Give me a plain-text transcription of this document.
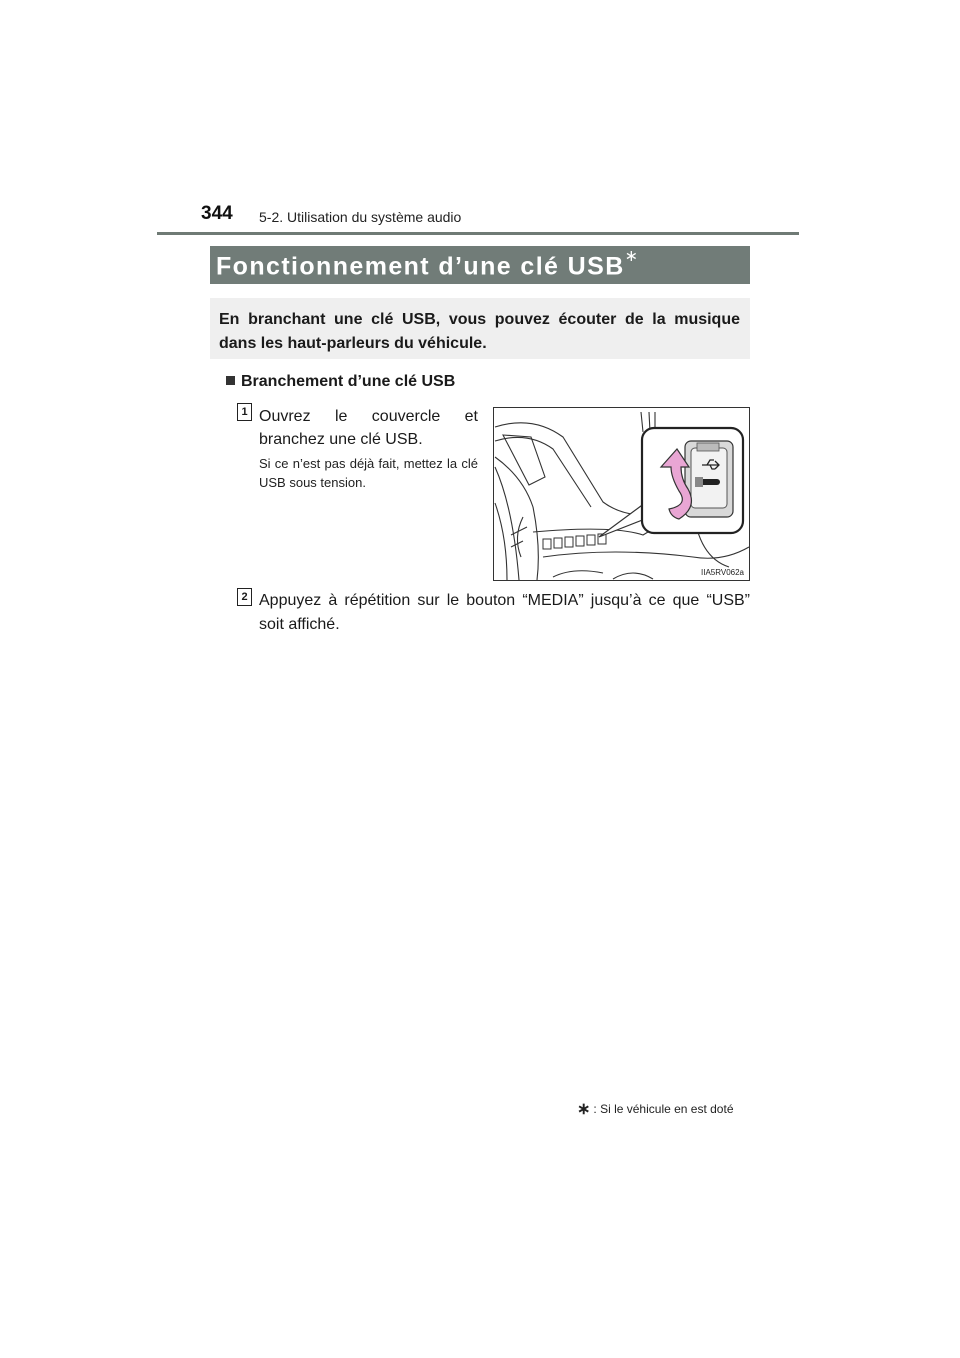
344 5-2. Utilisation du système audio
Fonctionnement d’une clé USB∗
En branchant une clé USB, vous pouvez écouter de la musique
dans les haut-parleurs du véhicule.
Branchement d’une clé USB
1 Ouvrez le couvercle et branchez une clé USB.
Si ce n’est pas déjà fait, mettez la clé USB sous tension.
IIA5RV062a
2 Appuyez à répétition sur le bouton “MEDIA” jusqu’à ce que “USB” soit affiché.
∗ : Si le véhicule en est doté
